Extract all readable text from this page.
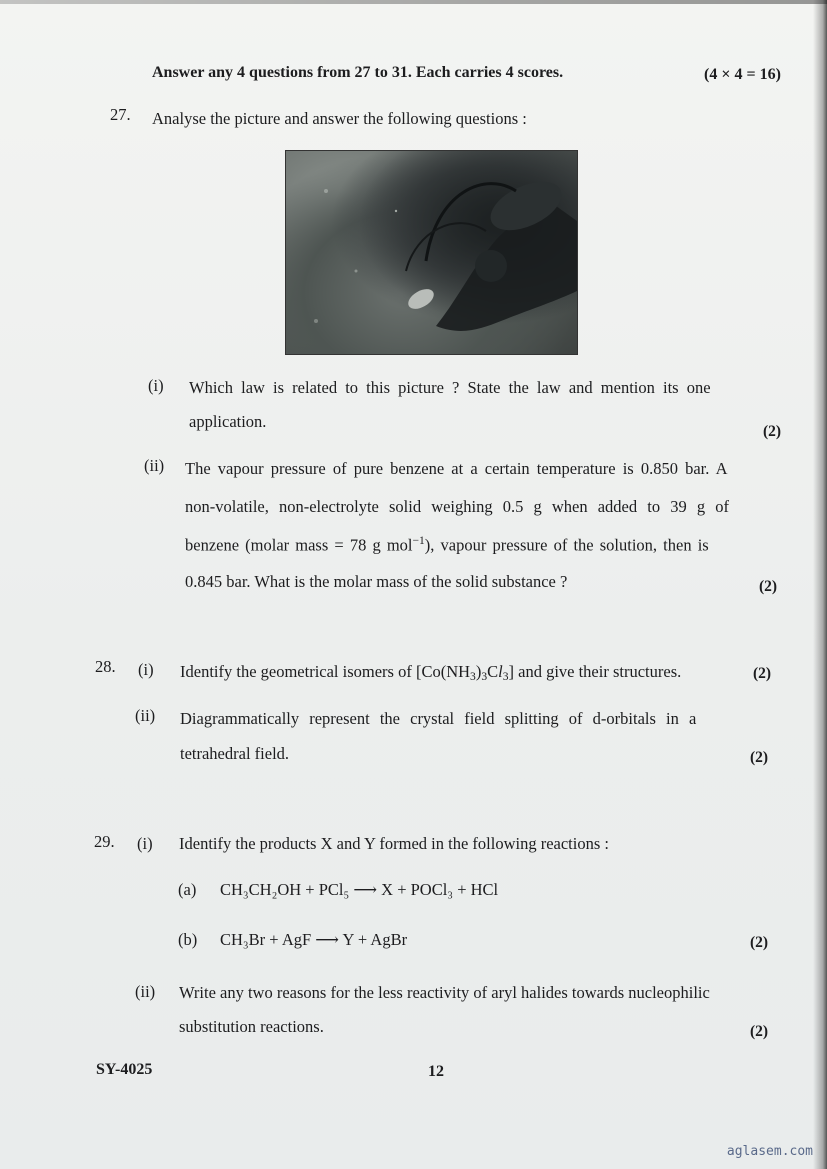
Answer any 4 questions from 27 to 31. Each carries 4 scores.	(4 × 4 = 16)
27. Analyse the picture and answer the following questions :
(i) Which law is related to this picture ? State the law and mention its one
application.
(2)
(ii) The vapour pressure of pure benzene at a certain temperature is 0.850 bar. A
non-volatile, non-electrolyte solid weighing 0.5 g when added to 39 g of
benzene (molar mass = 78 g mol$^{-1}$), vapour pressure of the solution, then is
0.845 bar. What is the molar mass of the solid substance ?	(2)
28. (i) Identify the geometrical isomers of $[Co(NH_3)_3Cl_3]$ and give their structures.	(2)
(ii) Diagrammatically represent the crystal field splitting of d-orbitals in a
tetrahedral field.	(2)
29. (i) Identify the products X and Y formed in the following reactions :
(a) CH₃CH₂OH + PCl₅ ⟶ X + POCl₃ + HCl
(b) CH₃Br + AgF ⟶ Y + AgBr	(2)
(ii) Write any two reasons for the less reactivity of aryl halides towards nucleophilic
substitution reactions.	(2)
SY-4025	12
aglasem.com
